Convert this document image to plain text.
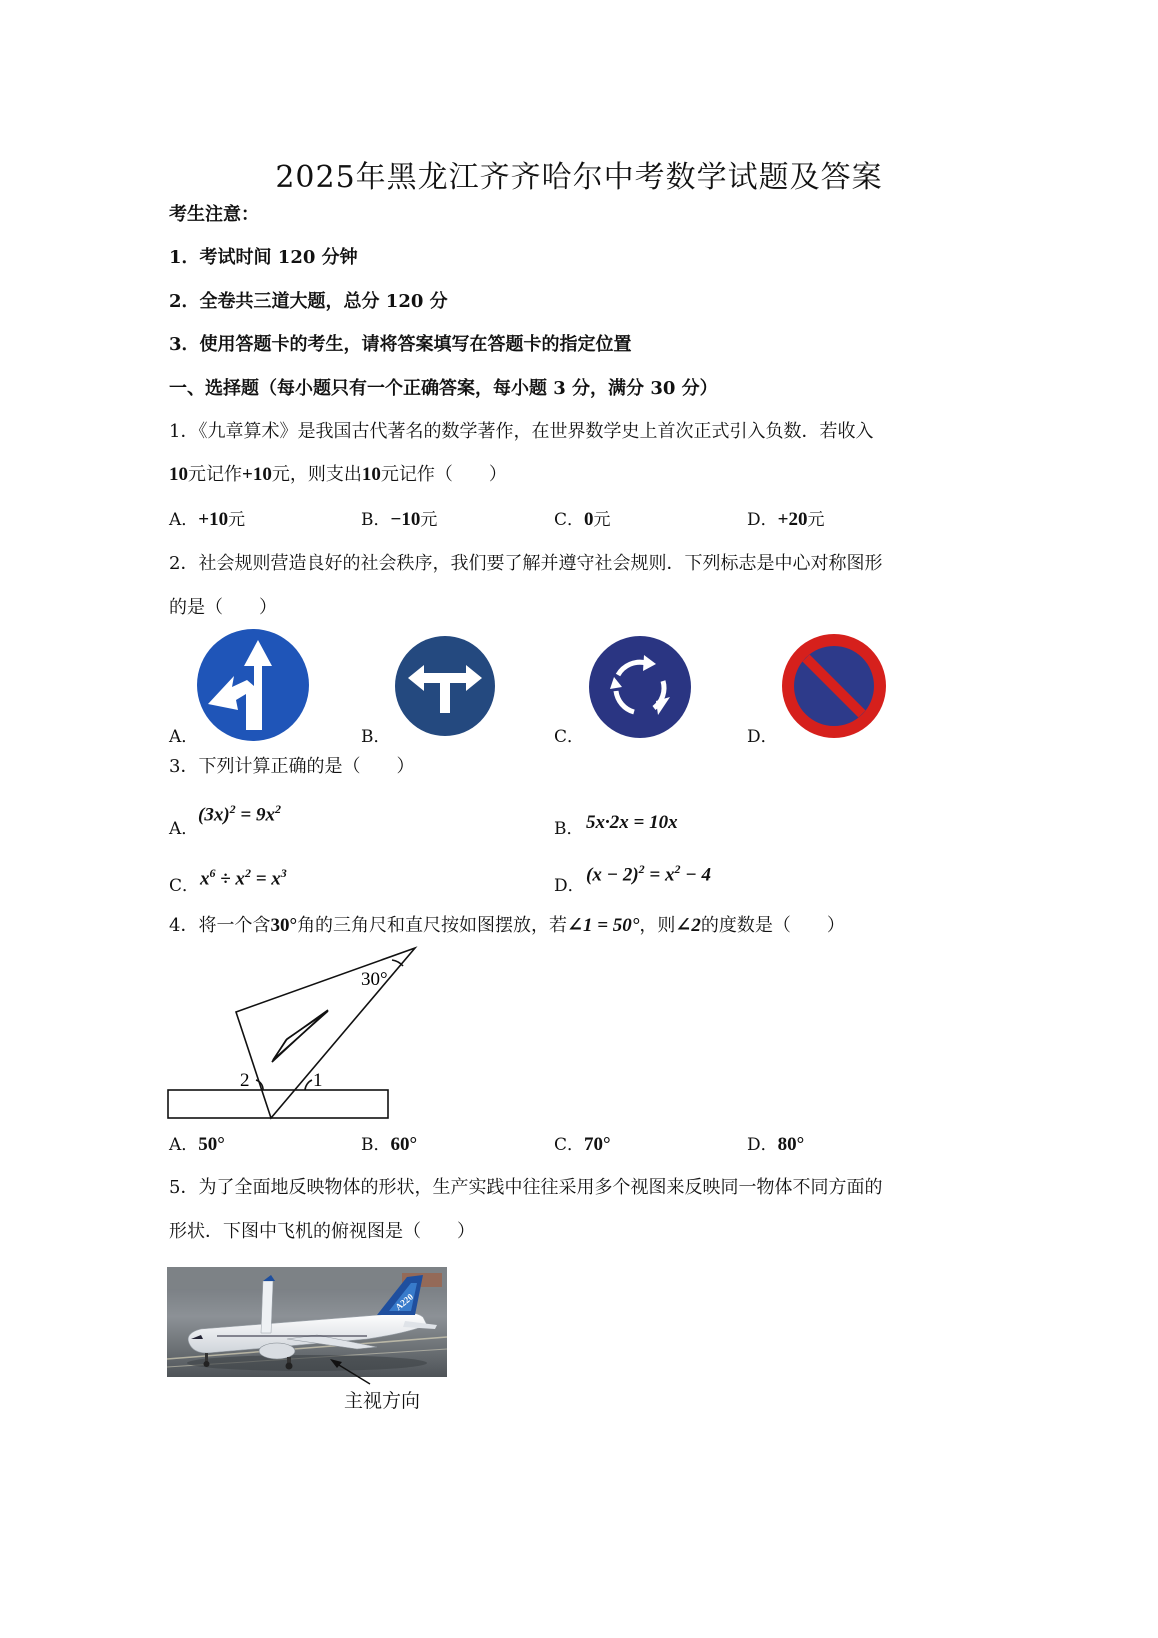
2025年黑龙江齐齐哈尔中考数学试题及答案
考生注意：
1．考试时间 120 分钟
2．全卷共三道大题，总分 120 分
3．使用答题卡的考生，请将答案填写在答题卡的指定位置
一、选择题（每小题只有一个正确答案，每小题 3 分，满分 30 分）
1．《九章算术》是我国古代著名的数学著作，在世界数学史上首次正式引入负数．若收入
10元记作+10元，则支出10元记作（　　）
A．+10元	B．−10元	C．0元	D．+20元
2．社会规则营造良好的社会秩序，我们要了解并遵守社会规则．下列标志是中心对称图形
的是（　　）
A．	B．	C．	D．
3．下列计算正确的是（　　）
A．
$(3x)^2 = 9x^2$
B． 5x·2x = 10x
C． $x^6 \div x^2 = x^3$
D．
$(x - 2)^2 = x^2 - 4$
4．将一个含30°角的三角尺和直尺按如图摆放，若∠1 = 50°，则∠2的度数是（　　）
30°
2	1
A．50°	B．60°	C．70°	D．80°
5．为了全面地反映物体的形状，生产实践中往往采用多个视图来反映同一物体不同方面的
形状．下图中飞机的俯视图是（　　）
A220
主视方向
